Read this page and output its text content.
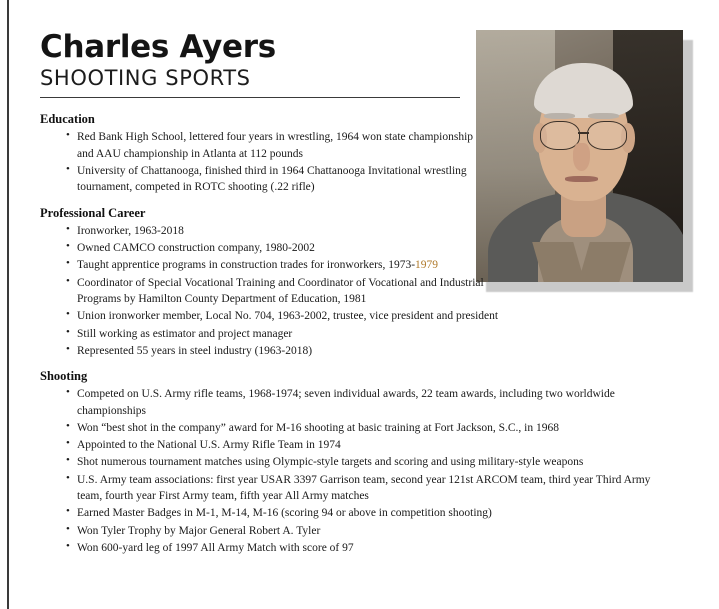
Charles Ayers
SHOOTING SPORTS
Education
• Red Bank High School, lettered four years in wrestling, 1964 won state championship and AAU championship in Atlanta at 112 pounds
• University of Chattanooga, finished third in 1964 Chattanooga Invitational wrestling tournament, competed in ROTC shooting (.22 rifle)
Professional Career
• Ironworker, 1963-2018
• Owned CAMCO construction company, 1980-2002
• Taught apprentice programs in construction trades for ironworkers, 1973-1979
• Coordinator of Special Vocational Training and Coordinator of Vocational and Industrial Programs by Hamilton County Department of Education, 1981
• Union ironworker member, Local No. 704, 1963-2002, trustee, vice president and president
• Still working as estimator and project manager
• Represented 55 years in steel industry (1963-2018)
Shooting
• Competed on U.S. Army rifle teams, 1968-1974; seven individual awards, 22 team awards, including two worldwide championships
• Won “best shot in the company” award for M-16 shooting at basic training at Fort Jackson, S.C., in 1968
• Appointed to the National U.S. Army Rifle Team in 1974
• Shot numerous tournament matches using Olympic-style targets and scoring and using military-style weapons
• U.S. Army team associations: first year USAR 3397 Garrison team, second year 121st ARCOM team, third year Third Army team, fourth year First Army team, fifth year All Army matches
• Earned Master Badges in M-1, M-14, M-16 (scoring 94 or above in competition shooting)
• Won Tyler Trophy by Major General Robert A. Tyler
• Won 600-yard leg of 1997 All Army Match with score of 97
